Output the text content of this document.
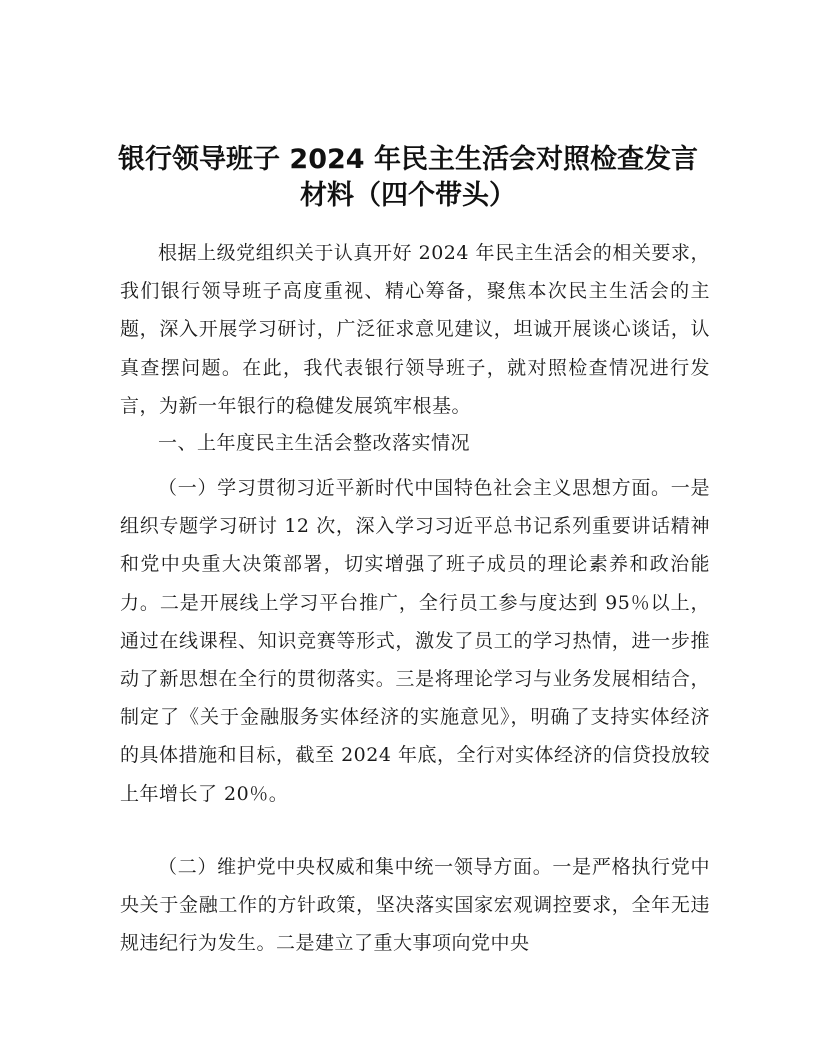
银行领导班子 2024 年民主生活会对照检查发言
材料（四个带头）

根据上级党组织关于认真开好 2024 年民主生活会的相关要求，我们银行领导班子高度重视、精心筹备，聚焦本次民主生活会的主题，深入开展学习研讨，广泛征求意见建议，坦诚开展谈心谈话，认真查摆问题。在此，我代表银行领导班子，就对照检查情况进行发言，为新一年银行的稳健发展筑牢根基。

一、上年度民主生活会整改落实情况

（一）学习贯彻习近平新时代中国特色社会主义思想方面。一是组织专题学习研讨 12 次，深入学习习近平总书记系列重要讲话精神和党中央重大决策部署，切实增强了班子成员的理论素养和政治能力。二是开展线上学习平台推广，全行员工参与度达到 95％以上，通过在线课程、知识竞赛等形式，激发了员工的学习热情，进一步推动了新思想在全行的贯彻落实。三是将理论学习与业务发展相结合，制定了《关于金融服务实体经济的实施意见》，明确了支持实体经济的具体措施和目标，截至 2024 年底，全行对实体经济的信贷投放较上年增长了 20％。

（二）维护党中央权威和集中统一领导方面。一是严格执行党中央关于金融工作的方针政策，坚决落实国家宏观调控要求，全年无违规违纪行为发生。二是建立了重大事项向党中央
